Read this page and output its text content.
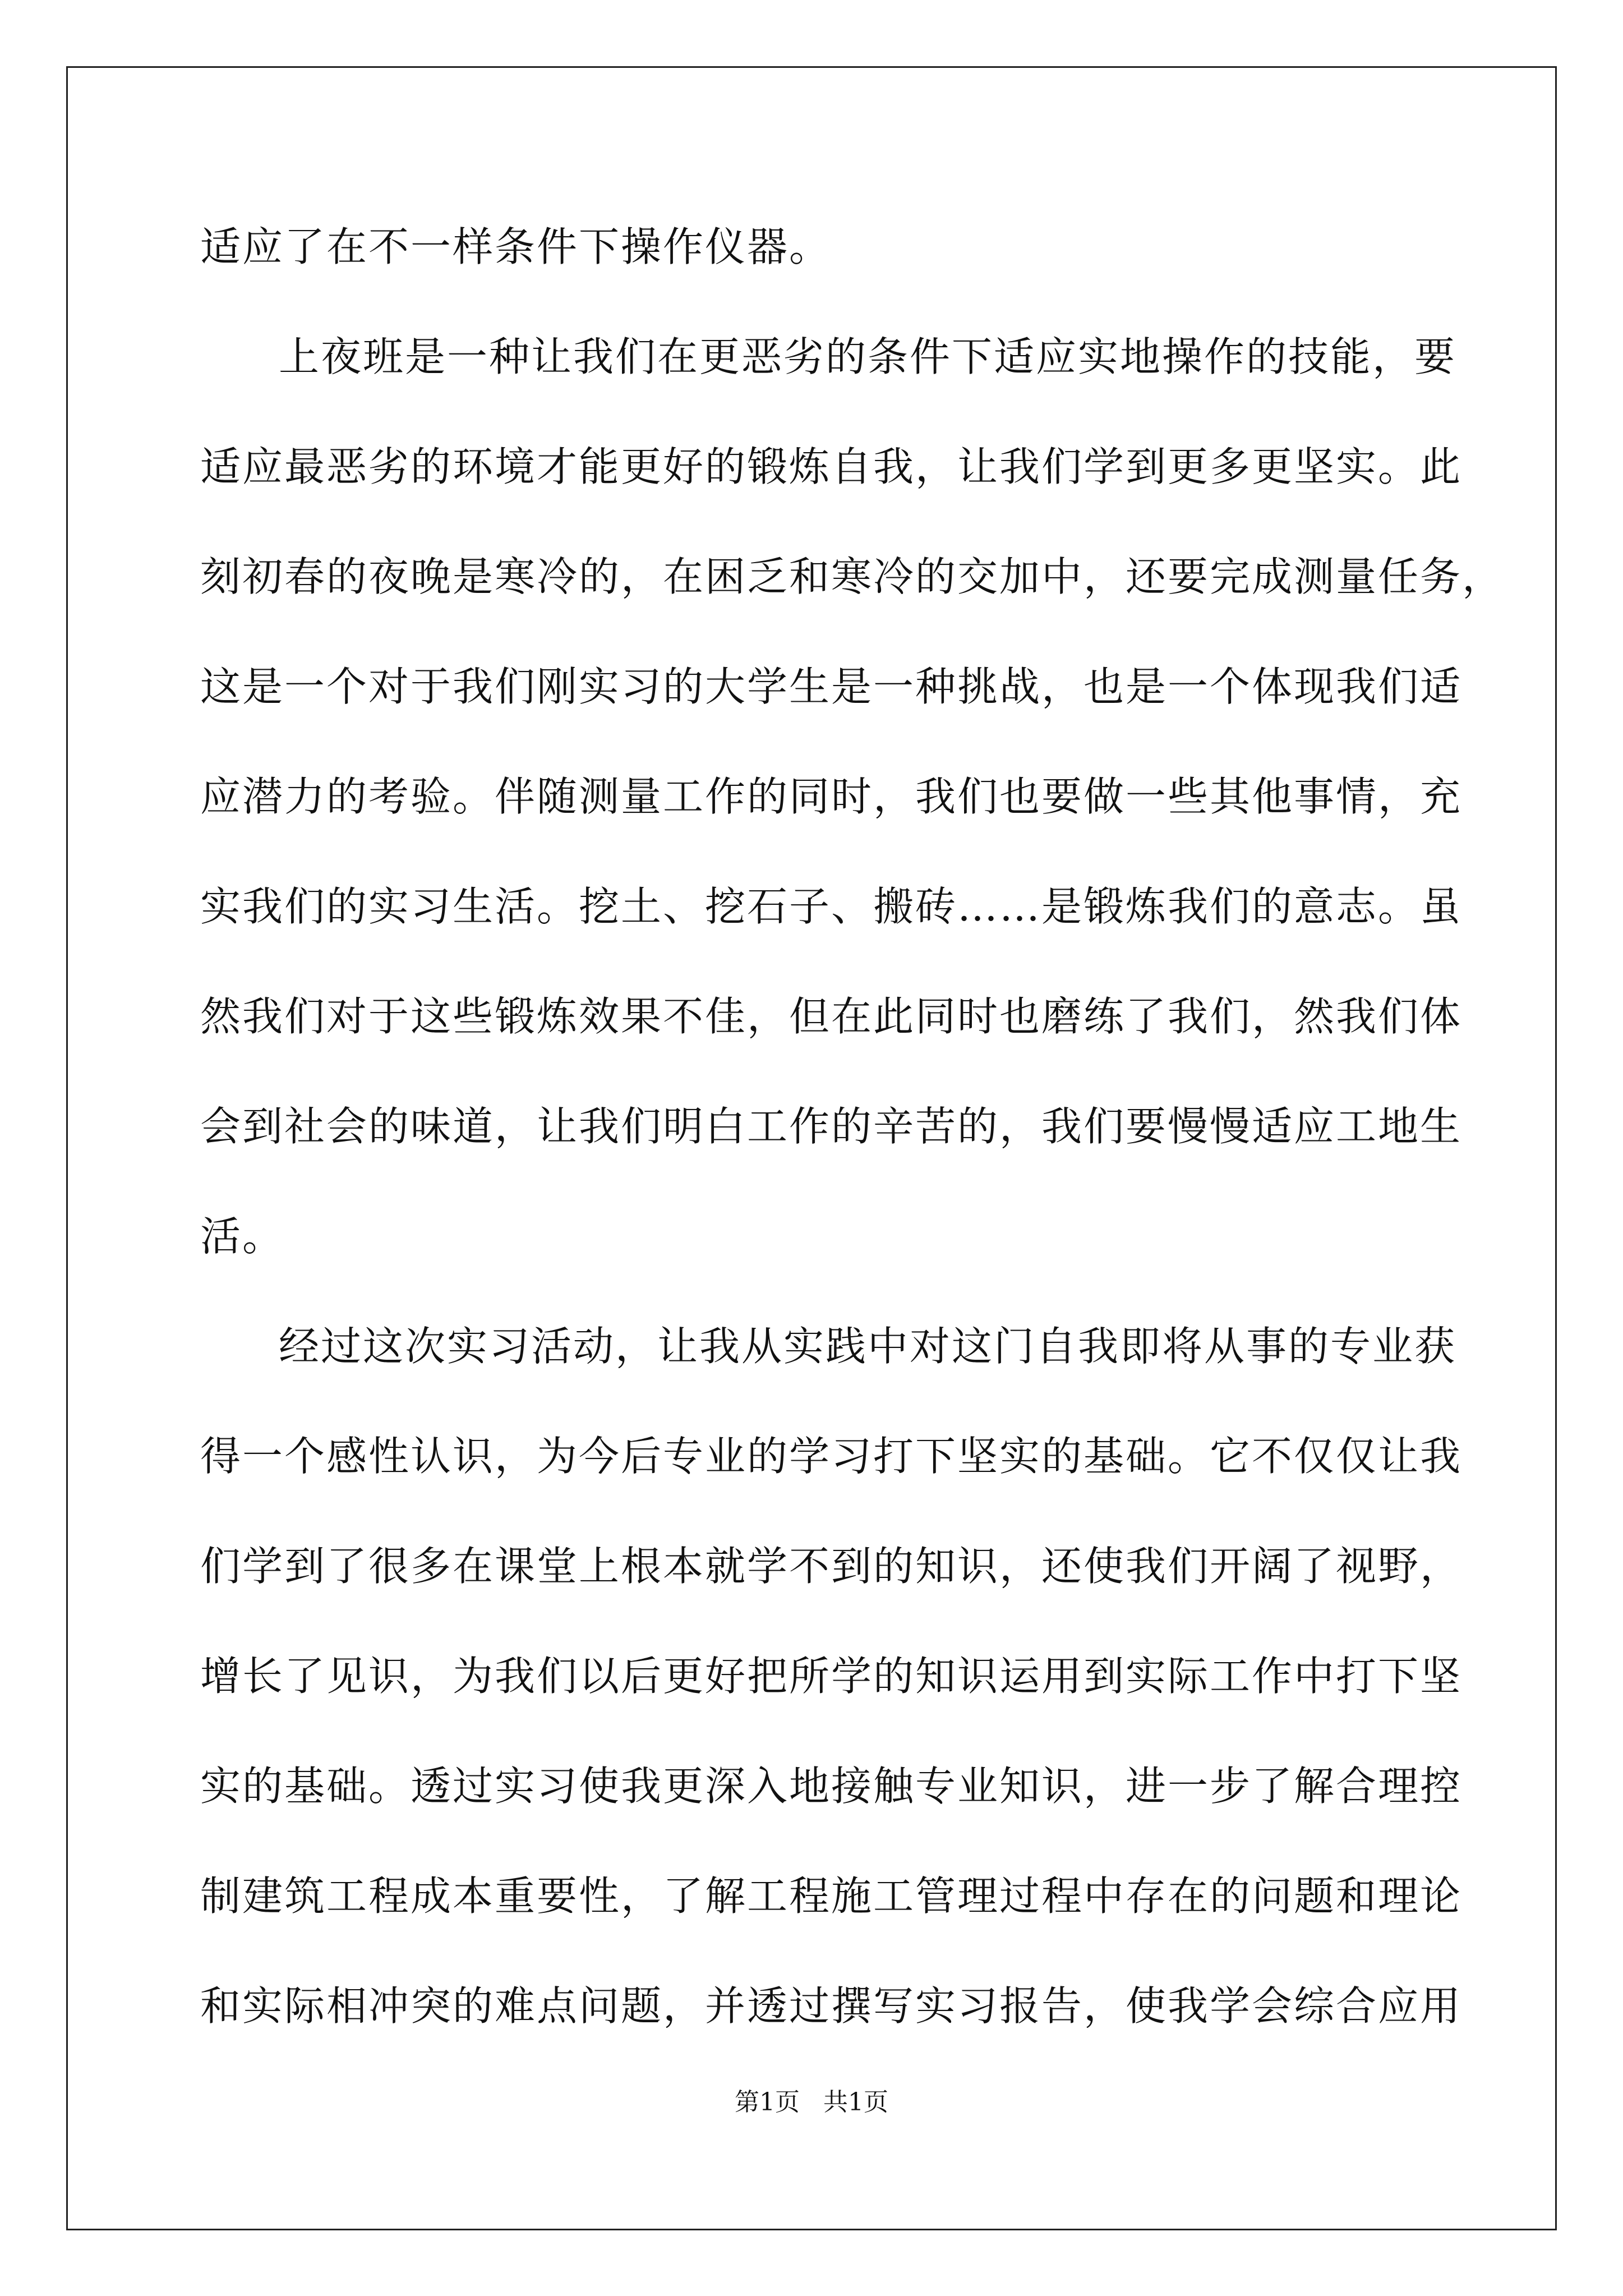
适应了在不一样条件下操作仪器。
上夜班是一种让我们在更恶劣的条件下适应实地操作的技能，要
适应最恶劣的环境才能更好的锻炼自我，让我们学到更多更坚实。此
刻初春的夜晚是寒冷的，在困乏和寒冷的交加中，还要完成测量任务，
这是一个对于我们刚实习的大学生是一种挑战，也是一个体现我们适
应潜力的考验。伴随测量工作的同时，我们也要做一些其他事情，充
实我们的实习生活。挖土、挖石子、搬砖……是锻炼我们的意志。虽
然我们对于这些锻炼效果不佳，但在此同时也磨练了我们，然我们体
会到社会的味道，让我们明白工作的辛苦的，我们要慢慢适应工地生
活。
经过这次实习活动，让我从实践中对这门自我即将从事的专业获
得一个感性认识，为今后专业的学习打下坚实的基础。它不仅仅让我
们学到了很多在课堂上根本就学不到的知识，还使我们开阔了视野，
增长了见识，为我们以后更好把所学的知识运用到实际工作中打下坚
实的基础。透过实习使我更深入地接触专业知识，进一步了解合理控
制建筑工程成本重要性，了解工程施工管理过程中存在的问题和理论
和实际相冲突的难点问题，并透过撰写实习报告，使我学会综合应用
第1页   共1页
